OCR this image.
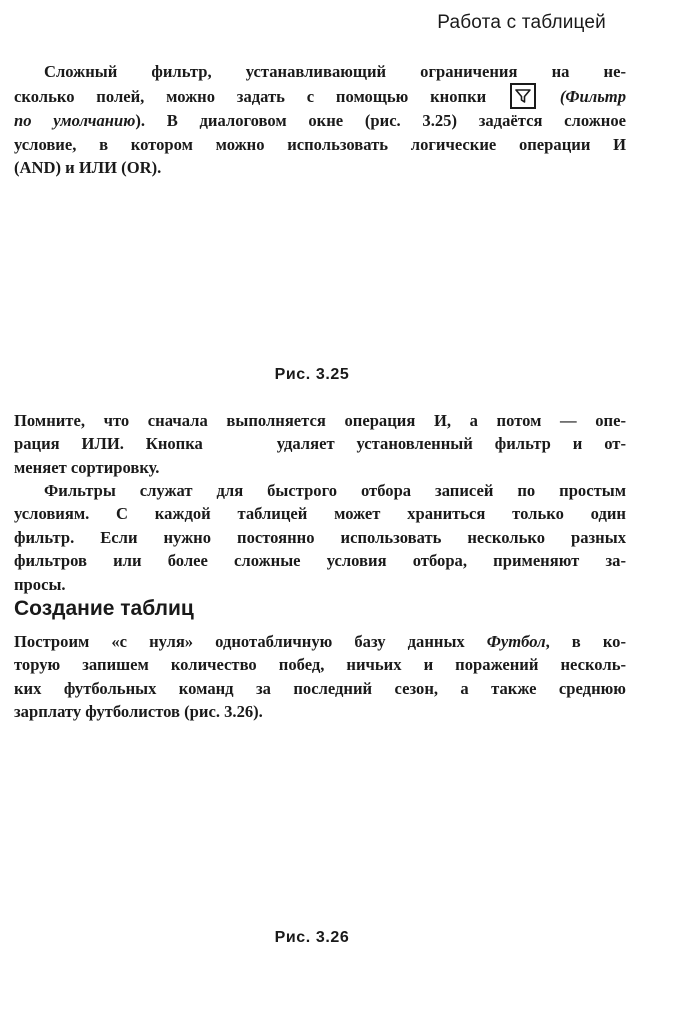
Работа с таблицей

Сложный фильтр, устанавливающий ограничения на не-
сколько полей, можно задать с помощью кнопки	(Фильтр
по умолчанию). В диалоговом окне (рис. 3.25) задаётся сложное
условие, в котором можно использовать логические операции И
(AND) и ИЛИ (OR).

Рис. 3.25

Помните, что сначала выполняется операция И, а потом — опе-
рация ИЛИ. Кнопка	удаляет установленный фильтр и от-
меняет сортировку.

Фильтры служат для быстрого отбора записей по простым
условиям. С каждой таблицей может храниться только один
фильтр. Если нужно постоянно использовать несколько разных
фильтров или более сложные условия отбора, применяют за-
просы.

Создание таблиц

Построим «с нуля» однотабличную базу данных Футбол, в ко-
торую запишем количество побед, ничьих и поражений несколь-
ких футбольных команд за последний сезон, а также среднюю
зарплату футболистов (рис. 3.26).

Рис. 3.26
